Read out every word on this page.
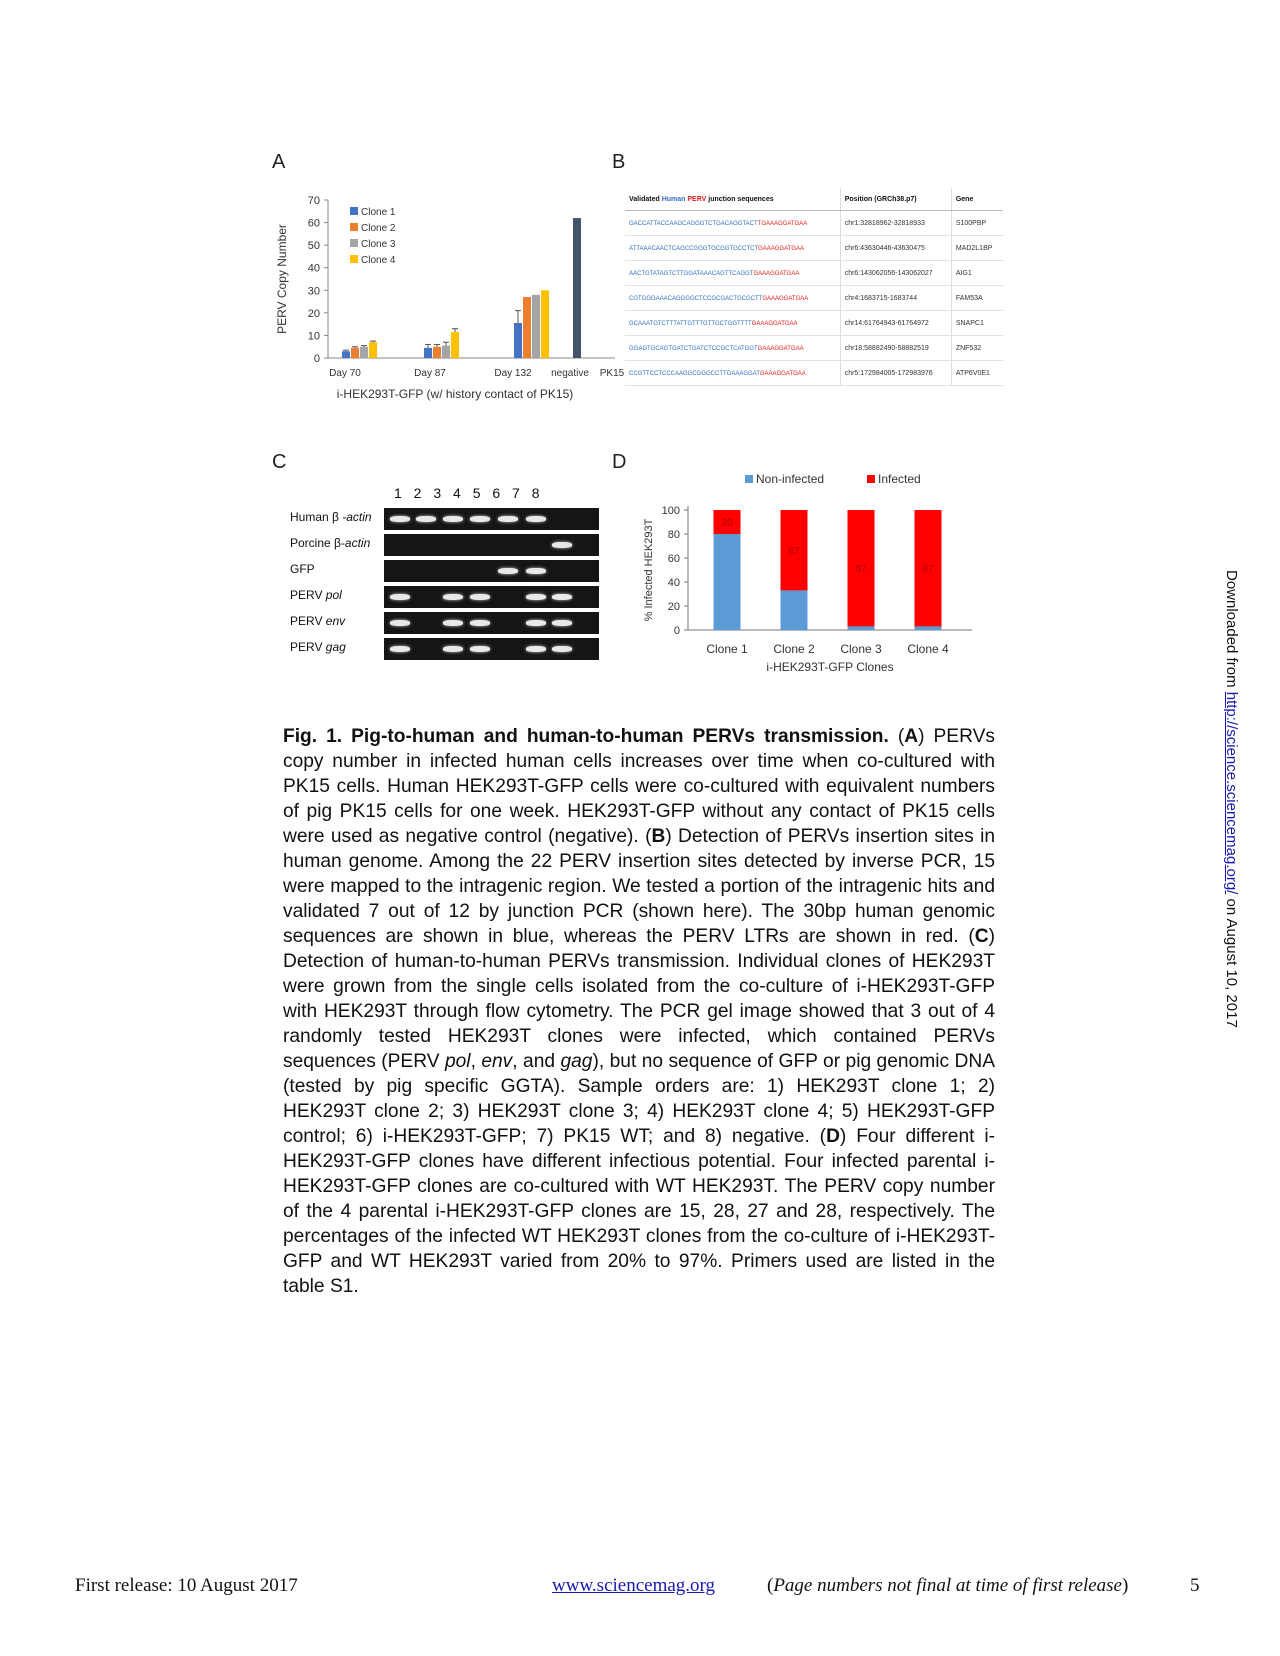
A	B
C	D
0
10
20
30
40
50
60
70
PERV Copy Number
Day 70	Day 87	Day 132 negative PK15
i-HEK293T-GFP (w/ history contact of PK15)
Clone 1
Clone 2
Clone 3
Clone 4
Validated Human PERV junction sequences	Position (GRCh38.p7)	Gene
GACCATTACCAAGCAGGGTCTGACAGGTACTTGAAAGGATGAA	chr1:32818962-32818933	S100PBP
ATTAAACAACTCAGCCGGGTGCGGTGCCTCTGAAAGGATGAA	chr6:43630446-43630475	MAD2L1BP
AACTGTATAGTCTTGGATAAACAGTTCAGGTGAAAGGATGAA	chr6:143062056-143062027	AIG1
CGTGGGAAACAGGGGCTCCGCGACTGCGCTTGAAAGGATGAA	chr4:1683715-1683744	FAM53A
GCAAATGTCTTTATTGTTTGTTGCTGGTTTTGAAAGGATGAA	chr14:61764943-61764972	SNAPC1
GGAGTGCAGTGATCTGATCTCCGCTCATGGTGAAAGGATGAA	chr18:58882490-58882519	ZNF532
CCGTTCCTCCCAAGGCGGGCCTTGAAAGGATGAAAGGATGAA	chr5:172984005-172983976	ATP6V0E1
1 2 3 4 5 6 7 8
Human β -actin
Porcine β-actin
GFP
PERV pol
PERV env
PERV gag
0
20
40
60
80
100
% Infected HEK293T	20
Clone 1
67
Clone 2
97
Clone 3
97
Clone 4
i-HEK293T-GFP Clones
Non-infected	Infected
Fig. 1. Pig-to-human and human-to-human PERVs transmission. (A) PERVs copy number in infected human cells increases over time when co-cultured with PK15 cells. Human HEK293T-GFP cells were co-cultured with equivalent numbers of pig PK15 cells for one week. HEK293T-GFP without any contact of PK15 cells were used as negative control (negative). (B) Detection of PERVs insertion sites in human genome. Among the 22 PERV insertion sites detected by inverse PCR, 15 were mapped to the intragenic region. We tested a portion of the intragenic hits and validated 7 out of 12 by junction PCR (shown here). The 30bp human genomic sequences are shown in blue, whereas the PERV LTRs are shown in red. (C) Detection of human-to-human PERVs transmission. Individual clones of HEK293T were grown from the single cells isolated from the co-culture of i-HEK293T-GFP with HEK293T through flow cytometry. The PCR gel image showed that 3 out of 4 randomly tested HEK293T clones were infected, which contained PERVs sequences (PERV pol, env, and gag), but no sequence of GFP or pig genomic DNA (tested by pig specific GGTA). Sample orders are: 1) HEK293T clone 1; 2) HEK293T clone 2; 3) HEK293T clone 3; 4) HEK293T clone 4; 5) HEK293T-GFP control; 6) i-HEK293T-GFP; 7) PK15 WT; and 8) negative. (D) Four different i-HEK293T-GFP clones have different infectious potential. Four infected parental i-HEK293T-GFP clones are co-cultured with WT HEK293T. The PERV copy number of the 4 parental i-HEK293T-GFP clones are 15, 28, 27 and 28, respectively. The percentages of the infected WT HEK293T clones from the co-culture of i-HEK293T-GFP and WT HEK293T varied from 20% to 97%. Primers used are listed in the table S1.
Downloaded from http://science.sciencemag.org/ on August 10, 2017
First release: 10 August 2017	www.sciencemag.org	(Page numbers not final at time of first release)	5
